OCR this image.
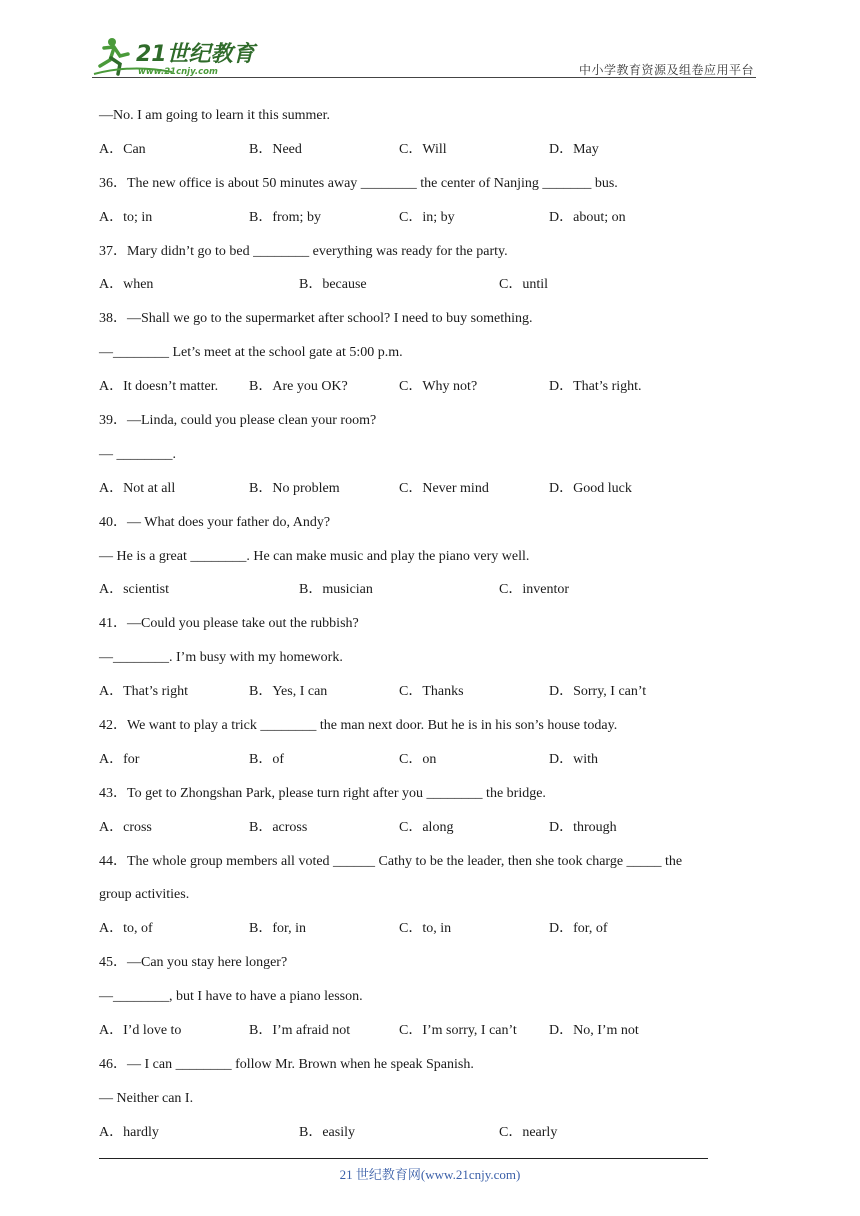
21世纪教育
www.21cnjy.com	中小学教育资源及组卷应用平台
—No. I am going to learn it this summer.
A．Can	B．Need	C．Will	D．May
36．The new office is about 50 minutes away ________ the center of Nanjing _______ bus.
A．to; in	B．from; by	C．in; by	D．about; on
37．Mary didn’t go to bed ________ everything was ready for the party.
A．when	B．because	C．until
38．—Shall we go to the supermarket after school? I need to buy something.
—________ Let’s meet at the school gate at 5:00 p.m.
A．It doesn’t matter. B．Are you OK?	C．Why not?	D．That’s right.
39．—Linda, could you please clean your room?
— ________.
A．Not at all	B．No problem	C．Never mind	D．Good luck
40．— What does your father do, Andy?
— He is a great ________. He can make music and play the piano very well.
A．scientist	B．musician	C．inventor
41．—Could you please take out the rubbish?
—________. I’m busy with my homework.
A．That’s right	B．Yes, I can	C．Thanks	D．Sorry, I can’t
42．We want to play a trick ________ the man next door. But he is in his son’s house today.
A．for	B．of	C．on	D．with
43．To get to Zhongshan Park, please turn right after you ________ the bridge.
A．cross	B．across	C．along	D．through
44．The whole group members all voted ______ Cathy to be the leader, then she took charge _____ the
group activities.
A．to, of	B．for, in	C．to, in	D．for, of
45．—Can you stay here longer?
—________, but I have to have a piano lesson.
A．I’d love to	B．I’m afraid not	C．I’m sorry, I can’t D．No, I’m not
46．— I can ________ follow Mr. Brown when he speak Spanish.
— Neither can I.
A．hardly	B．easily	C．nearly
21 世纪教育网(www.21cnjy.com)
